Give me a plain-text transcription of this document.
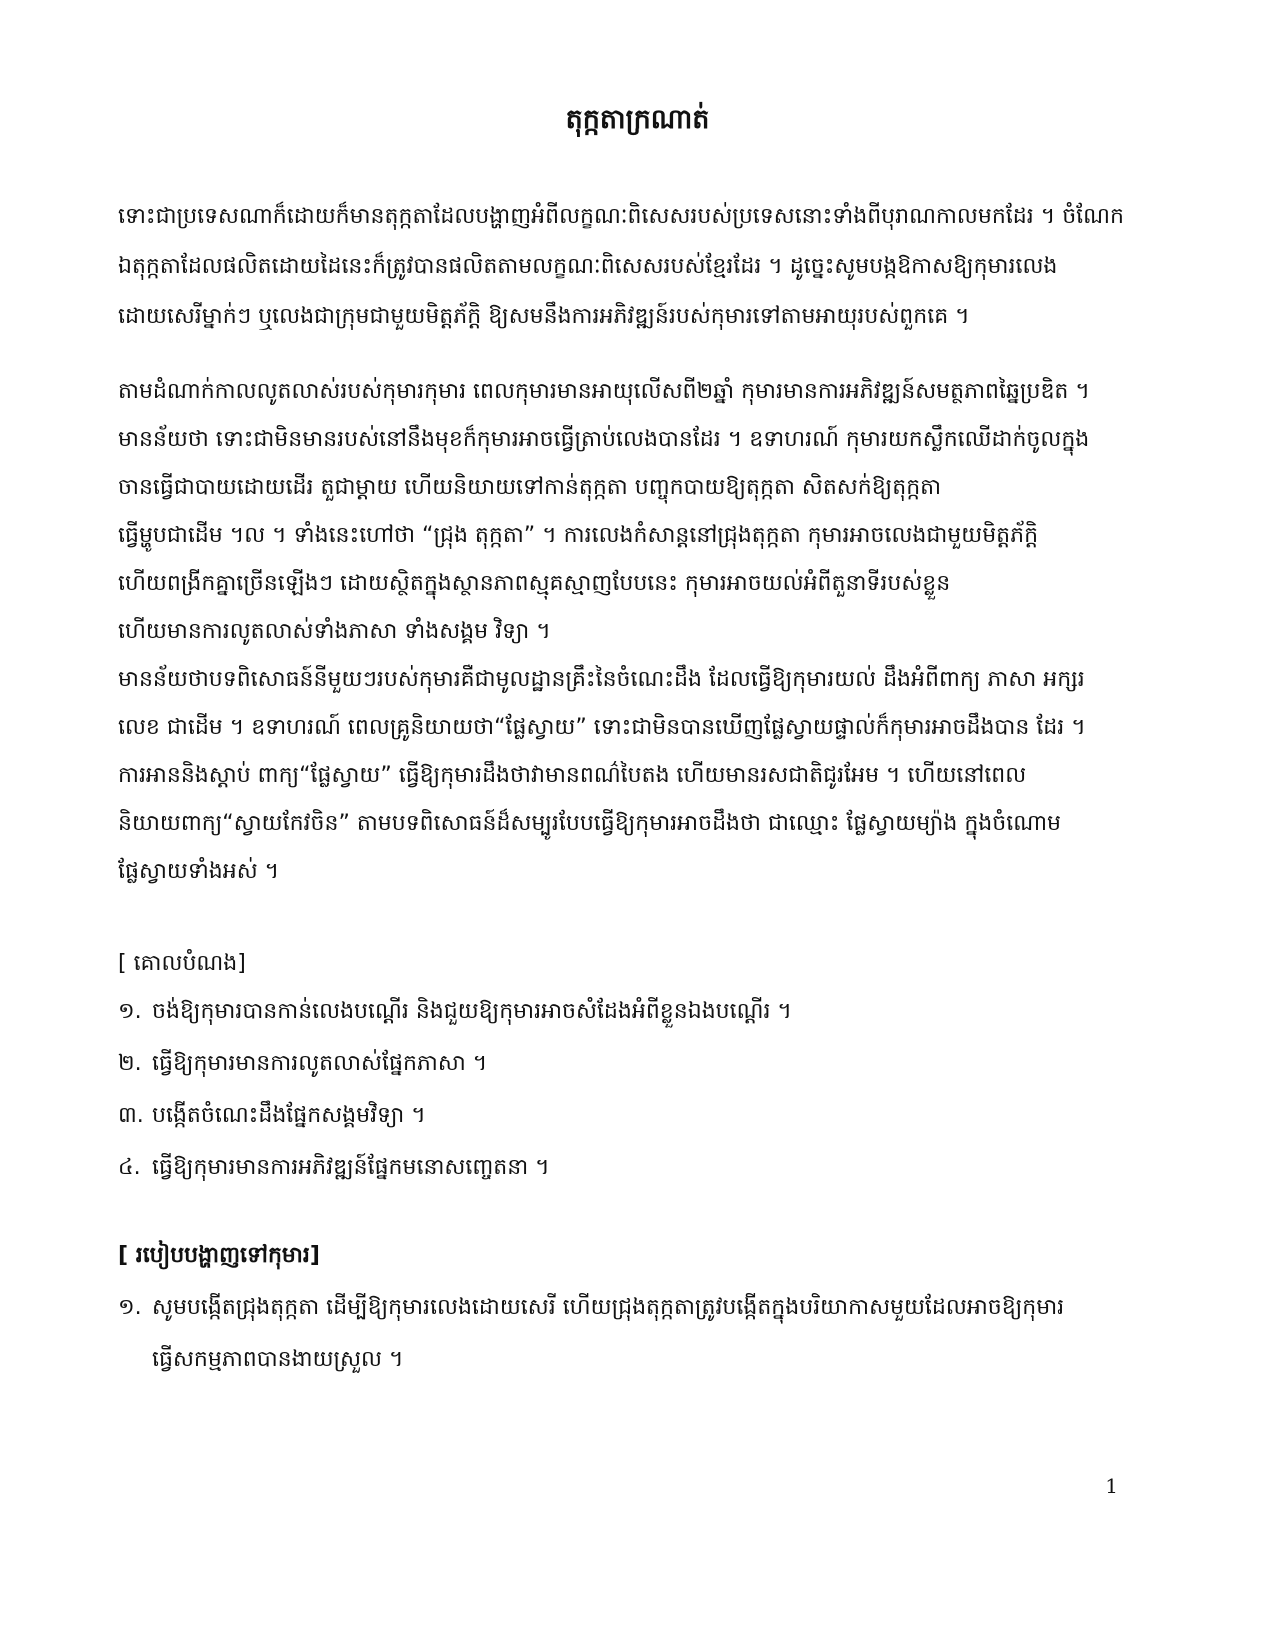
តុក្កតាក្រណាត់
ទោះជាប្រទេសណាក៏ដោយក៏មានតុក្កតាដែលបង្ហាញអំពីលក្ខណៈពិសេសរបស់ប្រទេសនោះទាំងពីបុរាណកាលមកដែរ ។ ចំណែក
ឯតុក្កតាដែលផលិតដោយដៃនេះក៏ត្រូវបានផលិតតាមលក្ខណៈពិសេសរបស់ខ្មែរដែរ ។ ដូច្នេះសូមបង្កឱកាសឱ្យកុមារលេង
ដោយសេរីម្នាក់ៗ ឬលេងជាក្រុមជាមួយមិត្តភ័ក្តិ ឱ្យសមនឹងការអភិវឌ្ឍន៍របស់កុមារទៅតាមអាយុរបស់ពួកគេ ។
តាមដំណាក់កាលលូតលាស់របស់កុមារកុមារ ពេលកុមារមានអាយុលើសពី២ឆ្នាំ កុមារមានការអភិវឌ្ឍន៍សមត្ថភាពឆ្នៃប្រឌិត ។
មានន័យថា ទោះជាមិនមានរបស់នៅនឹងមុខក៏កុមារអាចធ្វើត្រាប់លេងបានដែរ ។ ឧទាហរណ៍ កុមារយកស្លឹកឈើដាក់ចូលក្នុង
ចានធ្វើជាបាយដោយដើរ តួជាម្ដាយ ហើយនិយាយទៅកាន់តុក្កតា បញ្ចុកបាយឱ្យតុក្កតា សិតសក់ឱ្យតុក្កតា
ធ្វើម្ហូបជាដើម ។ល ។ ទាំងនេះហៅថា “ជ្រុង តុក្កតា” ។ ការលេងកំសាន្តនៅជ្រុងតុក្កតា កុមារអាចលេងជាមួយមិត្តភ័ក្តិ
ហើយពង្រីកគ្នាច្រើនឡើងៗ ដោយស្ថិតក្នុងស្ថានភាពស្មុគស្មាញបែបនេះ កុមារអាចយល់អំពីតួនាទីរបស់ខ្លួន
ហើយមានការលូតលាស់ទាំងភាសា ទាំងសង្គម វិទ្យា ។
មានន័យថាបទពិសោធន៍នីមួយៗរបស់កុមារគឺជាមូលដ្ឋានគ្រឹះនៃចំណេះដឹង ដែលធ្វើឱ្យកុមារយល់ ដឹងអំពីពាក្យ ភាសា អក្សរ
លេខ ជាដើម ។ ឧទាហរណ៍ ពេលគ្រូនិយាយថា“ផ្លែស្វាយ” ទោះជាមិនបានឃើញផ្លែស្វាយផ្ទាល់ក៏កុមារអាចដឹងបាន ដែរ ។
ការអាននិងស្ដាប់ ពាក្យ“ផ្លែស្វាយ” ធ្វើឱ្យកុមារដឹងថាវាមានពណ៌បៃតង ហើយមានរសជាតិជូរអែម ។ ហើយនៅពេល
និយាយពាក្យ“ស្វាយកែវចិន” តាមបទពិសោធន៍ដ៏សម្បូរបែបធ្វើឱ្យកុមារអាចដឹងថា ជាឈ្មោះ ផ្លែស្វាយម្យ៉ាង ក្នុងចំណោម
ផ្លែស្វាយទាំងអស់ ។
[ គោលបំណង]
១. ចង់ឱ្យកុមារបានកាន់លេងបណ្ដើរ និងជួយឱ្យកុមារអាចសំដែងអំពីខ្លួនឯងបណ្ដើរ ។
២. ធ្វើឱ្យកុមារមានការលូតលាស់ផ្នែកភាសា ។
៣. បង្កើតចំណេះដឹងផ្នែកសង្គមវិទ្យា ។
៤. ធ្វើឱ្យកុមារមានការអភិវឌ្ឍន៍ផ្នែកមនោសញ្ចេតនា ។
[ របៀបបង្ហាញទៅកុមារ]
១. សូមបង្កើតជ្រុងតុក្កតា ដើម្បីឱ្យកុមារលេងដោយសេរី ហើយជ្រុងតុក្កតាត្រូវបង្កើតក្នុងបរិយាកាសមួយដែលអាចឱ្យកុមារ
ធ្វើសកម្មភាពបានងាយស្រួល ។
1
